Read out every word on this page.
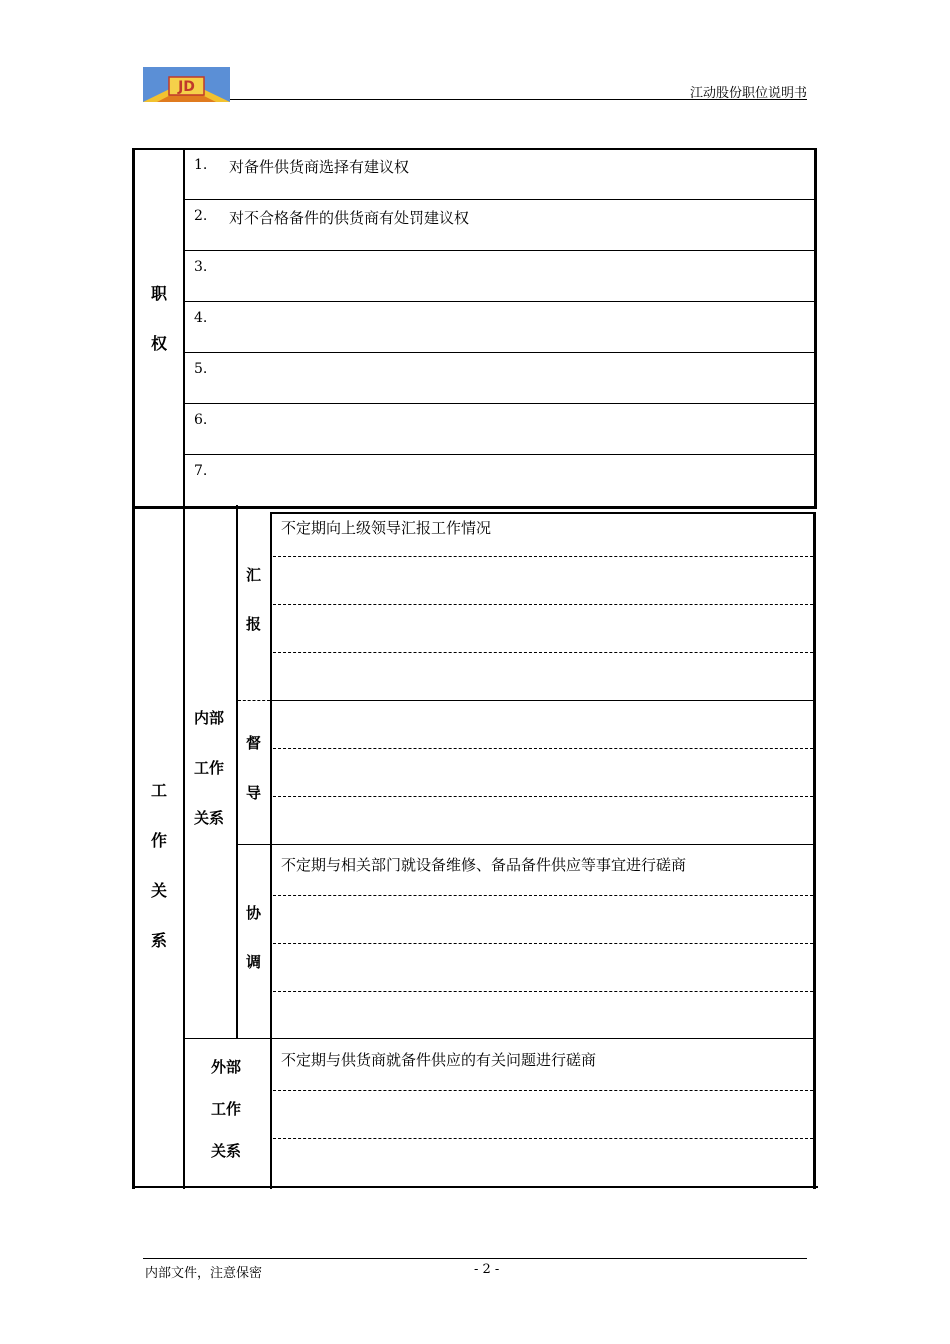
JD	江动股份职位说明书
职
权
1. 对备件供货商选择有建议权
2. 对不合格备件的供货商有处罚建议权
3.
4.
5.
6.
7.
工
作
关
系
内部
工作
关系
汇
报
不定期向上级领导汇报工作情况
督
导
协
调
不定期与相关部门就设备维修、备品备件供应等事宜进行磋商
外部
工作
关系
不定期与供货商就备件供应的有关问题进行磋商
内部文件，注意保密	- 2 -
